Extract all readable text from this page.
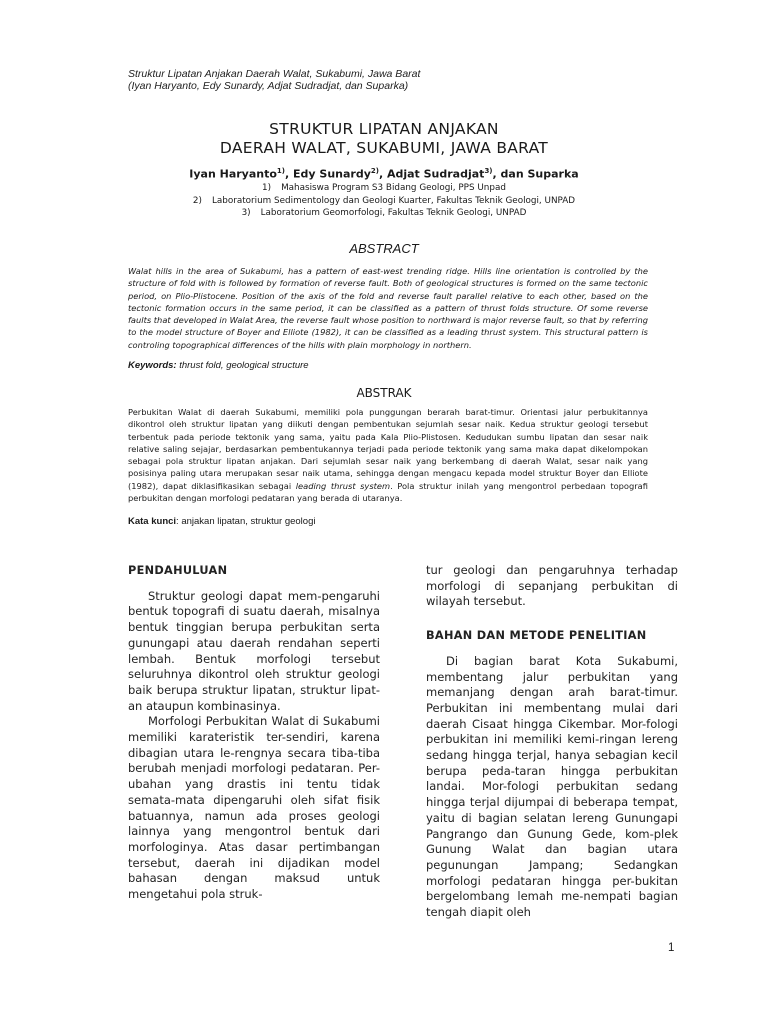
Struktur Lipatan Anjakan Daerah Walat, Sukabumi, Jawa Barat
(Iyan Haryanto, Edy Sunardy, Adjat Sudradjat, dan Suparka)
STRUKTUR LIPATAN ANJAKAN
DAERAH WALAT, SUKABUMI, JAWA BARAT
Iyan Haryanto$^{1)}$, Edy Sunardy$^{2)}$, Adjat Sudradjat$^{3)}$, dan Suparka
1) Mahasiswa Program S3 Bidang Geologi, PPS Unpad
2) Laboratorium Sedimentology dan Geologi Kuarter, Fakultas Teknik Geologi, UNPAD
3) Laboratorium Geomorfologi, Fakultas Teknik Geologi, UNPAD
ABSTRACT
Walat hills in the area of Sukabumi, has a pattern of east-west trending ridge. Hills line orientation is controlled by the structure of fold with is followed by formation of reverse fault. Both of geological structures is formed on the same tectonic period, on Plio-Plistocene. Position of the axis of the fold and reverse fault parallel relative to each other, based on the tectonic formation occurs in the same period, it can be classified as a pattern of thrust folds structure. Of some reverse faults that developed in Walat Area, the reverse fault whose position to northward is major reverse fault, so that by referring to the model structure of Boyer and Elliote (1982), it can be classified as a leading thrust system. This structural pattern is controling topographical differences of the hills with plain morphology in northern.
Keywords: thrust fold, geological structure
ABSTRAK
Perbukitan Walat di daerah Sukabumi, memiliki pola punggungan berarah barat-timur. Orientasi jalur perbukitannya dikontrol oleh struktur lipatan yang diikuti dengan pembentukan sejumlah sesar naik. Kedua struktur geologi tersebut terbentuk pada periode tektonik yang sama, yaitu pada Kala Plio-Plistosen. Kedudukan sumbu lipatan dan sesar naik relative saling sejajar, berdasarkan pembentukannya terjadi pada periode tektonik yang sama maka dapat dikelompokan sebagai pola struktur lipatan anjakan. Dari sejumlah sesar naik yang berkembang di daerah Walat, sesar naik yang posisinya paling utara merupakan sesar naik utama, sehingga dengan mengacu kepada model struktur Boyer dan Elliote (1982), dapat diklasifikasikan sebagai leading thrust system. Pola struktur inilah yang mengontrol perbedaan topografi perbukitan dengan morfologi pedataran yang berada di utaranya.
Kata kunci: anjakan lipatan, struktur geologi
PENDAHULUAN

Struktur geologi dapat mem-pengaruhi bentuk topografi di suatu daerah, misalnya bentuk tinggian berupa perbukitan serta gunungapi atau daerah rendahan seperti lembah. Bentuk morfologi tersebut seluruhnya dikontrol oleh struktur geologi baik berupa struktur lipatan, struktur lipat-an ataupun kombinasinya.

Morfologi Perbukitan Walat di Sukabumi memiliki karateristik ter-sendiri, karena dibagian utara le-rengnya secara tiba-tiba berubah menjadi morfologi pedataran. Per-ubahan yang drastis ini tentu tidak semata-mata dipengaruhi oleh sifat fisik batuannya, namun ada proses geologi lainnya yang mengontrol bentuk dari morfologinya. Atas dasar pertimbangan tersebut, daerah ini dijadikan model bahasan dengan maksud untuk mengetahui pola struk-

tur geologi dan pengaruhnya terhadap morfologi di sepanjang perbukitan di wilayah tersebut.

BAHAN DAN METODE PENELITIAN

Di bagian barat Kota Sukabumi, membentang jalur perbukitan yang memanjang dengan arah barat-timur. Perbukitan ini membentang mulai dari daerah Cisaat hingga Cikembar. Mor-fologi perbukitan ini memiliki kemi-ringan lereng sedang hingga terjal, hanya sebagian kecil berupa peda-taran hingga perbukitan landai. Mor-fologi perbukitan sedang hingga terjal dijumpai di beberapa tempat, yaitu di bagian selatan lereng Gunungapi Pangrango dan Gunung Gede, kom-plek Gunung Walat dan bagian utara pegunungan Jampang; Sedangkan morfologi pedataran hingga per-bukitan bergelombang lemah me-nempati bagian tengah diapit oleh

1
